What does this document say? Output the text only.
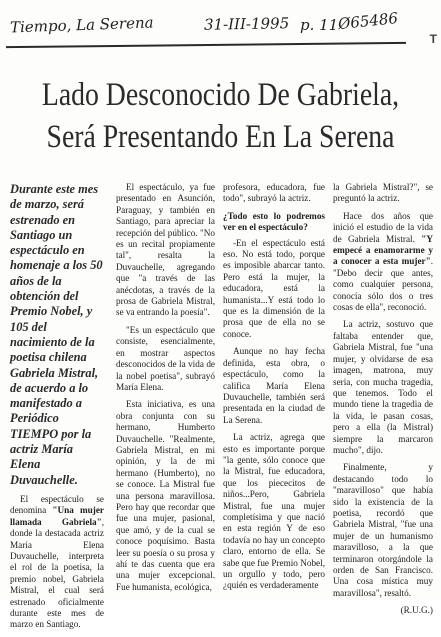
Tiempo, La Serena	31-III-1995 p. 11
Ø65486
T
Lado Desconocido De Gabriela,
Será Presentando En La Serena

Durante este mes de marzo, será estrenado en Santiago un espectáculo en homenaje a los 50 años de la obtención del Premio Nobel, y 105 del nacimiento de la poetisa chilena Gabriela Mistral, de acuerdo a lo manifestado a Periódico TIEMPO por la actriz María Elena Duvauchelle.

El espectáculo se denomina "Una mujer llamada Gabriela", donde la destacada actriz María Elena Duvauchelle, interpreta el rol de la poetisa, la premio nobel, Gabriela Mistral, el cual será estrenado oficialmente durante este mes de marzo en Santiago.

El espectáculo, ya fue presentado en Asunción, Paraguay, y también en Santiago, para apreciar la recepción del público. "No es un recital propiamente tal", resalta la Duvauchelle, agregando que "a través de las anécdotas, a través de la prosa de Gabriela Mistral, se va entrando la poesía".

"Es un espectáculo que consiste, esencialmente, en mostrar aspectos desconocidos de la vida de la nobel poetisa", subrayó María Elena.

Esta iniciativa, es una obra conjunta con su hermano, Humberto Duvauchelle. "Realmente, Gabriela Mistral, en mi opinión, y la de mi hermano (Humberto), no se conoce. La Mistral fue una persona maravillosa. Pero hay que recordar que fue una mujer, pasional, que amó, y de la cual se conoce poquísimo. Basta leer su poesía o su prosa y ahí te das cuenta que era una mujer excepcional. Fue humanista, ecológica,

profesora, educadora, fue todo", subrayó la actriz.

¿Todo esto lo podremos ver en el espectáculo?

-En el espectáculo está eso. No está todo, porque es imposible abarcar tanto. Pero está la mujer, la educadora, está la humanista...Y está todo lo que es la dimensión de la prosa que de ella no se conoce.

Aunque no hay fecha definida, esta obra, o espectáculo, como la califica María Elena Duvauchelle, también será presentada en la ciudad de La Serena.

La actriz, agrega que esto es importante porque "la gente, sólo conoce que la Mistral, fue educadora, que los piececitos de niños...Pero, Gabriela Mistral, fue una mujer completísima y que nació en esta región Y de eso todavía no hay un concepto claro, entorno de ella. Se sabe que fue Premio Nobel, un orgullo y todo, pero ¿quién es verdaderamente

la Gabriela Mistral?", se preguntó la actriz.

Hace dos años que inició el estudio de la vida de Gabriela Mistral. "Y empecé a enamorarme y a conocer a esta mujer". "Debo decir que antes, como cualquier persona, conocía sólo dos o tres cosas de ella", reconoció.

La actriz, sostuvo que faltaba entender que, Gabriela Mistral, fue "una mujer, y olvidarse de esa imagen, matrona, muy seria, con mucha tragedia, que tenemos. Todo el mundo tiene la tragedia de la vida, le pasan cosas, pero a ella (la Mistral) siempre la marcaron mucho", dijo.

Finalmente, y destacando todo lo "maravilloso" que había sido la existencia de la poetisa, recordó que Gabriela Mistral, "fue una mujer de un humanismo maravilloso, a la que terminaron otorgándole la orden de San Francisco. Una cosa mística muy maravillosa", resaltó.

(R.U.G.)
